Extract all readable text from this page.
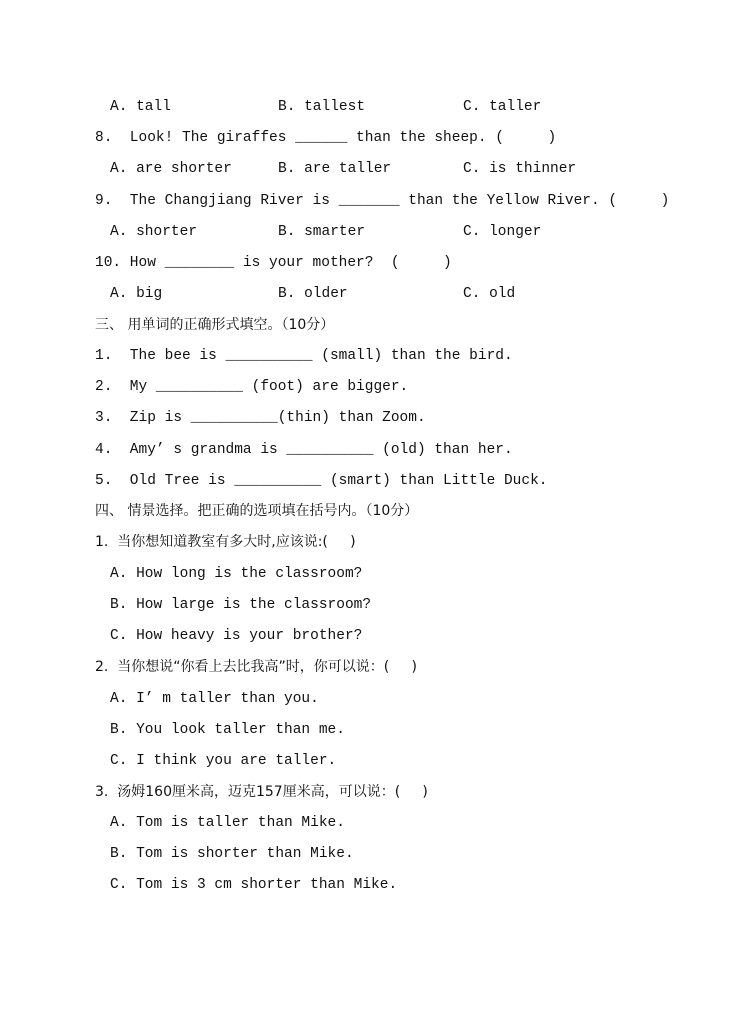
A. tall	B. tallest	C. taller
8.  Look! The giraffes ______ than the sheep. (     )
A. are shorter	B. are taller	C. is thinner
9.  The Changjiang River is _______ than the Yellow River. (     )
A. shorter	B. smarter	C. longer
10. How ________ is your mother?  (     )
A. big	B. older	C. old
三、 用单词的正确形式填空。（10分）
1.  The bee is __________ (small) than the bird.
2.  My __________ (foot) are bigger.
3.  Zip is __________(thin) than Zoom.
4.  Amy’ s grandma is __________ (old) than her.
5.  Old Tree is __________ (smart) than Little Duck.
四、 情景选择。把正确的选项填在括号内。（10分）
1.  当你想知道教室有多大时,应该说:(     )
A. How long is the classroom?
B. How large is the classroom?
C. How heavy is your brother?
2.  当你想说“你看上去比我高”时，你可以说：(     )
A. I’ m taller than you.
B. You look taller than me.
C. I think you are taller.
3.  汤姆160厘米高，迈克157厘米高，可以说：(     )
A. Tom is taller than Mike.
B. Tom is shorter than Mike.
C. Tom is 3 cm shorter than Mike.
